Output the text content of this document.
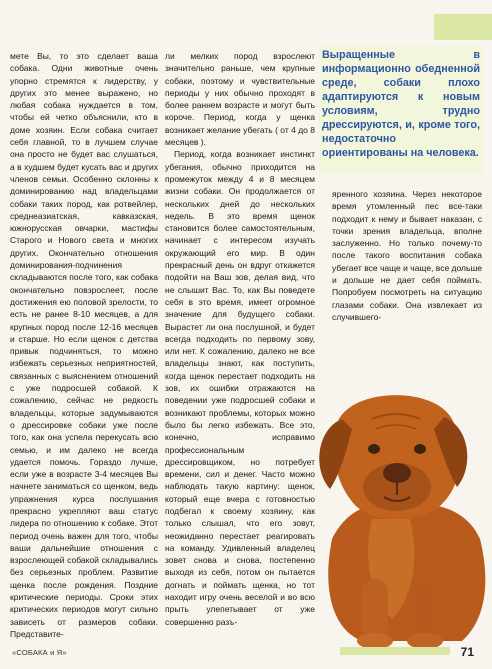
мете Вы, то это сделает ваша собака. Одни животные очень упорно стремятся к лидерству, у других это менее выражено, но любая собака нуждается в том, чтобы ей четко объяснили, кто в доме хозяин. Если собака считает себя главной, то в лучшем случае она просто не будет вас слушаться, а в худшем будет кусать вас и других членов семьи. Особенно склонны к доминированию над владельцами собаки таких пород, как ротвейлер, среднеазиатская, кавказская, южнорусская овчарки, мастифы Старого и Нового света и многих других. Окончательно отношения доминирования-подчинения складываются после того, как собака окончательно повзрослеет, после достижения ею половой зрелости, то есть не ранее 8-10 месяцев, а для крупных пород после 12-16 месяцев и старше. Но если щенок с детства привык подчиняться, то можно избежать серьезных неприятностей, связанных с выяснением отношений с уже подросшей собакой. К сожалению, сейчас не редкость владельцы, которые задумываются о дрессировке собаки уже после того, как она успела перекусать всю семью, и им далеко не всегда удается помочь. Гораздо лучше, если уже в возрасте 3-4 месяцев Вы начнете заниматься со щенком, ведь упражнения курса послушания прекрасно укрепляют ваш статус лидера по отношению к собаке. Этот период очень важен для того, чтобы ваши дальнейшие отношения с взрослеющей собакой складывались без серьезных проблем. Развитие щенка после рождения. Поздние критические периоды. Сроки этих критических периодов могут сильно зависеть от размеров собаки. Представите-

ли мелких пород взрослеют значительно раньше, чем крупные собаки, поэтому и чувствительные периоды у них обычно проходят в более раннем возрасте и могут быть короче. Период, когда у щенка возникает желание убегать ( от 4 до 8 месяцев ).

Период, когда возникает инстинкт убегания, обычно приходится на промежуток между 4 и 8 месяцем жизни собаки. Он продолжается от нескольких дней до нескольких недель. В это время щенок становится более самостоятельным, начинает с интересом изучать окружающий его мир. В один прекрасный день он вдруг откажется подойти на Ваш зов, делая вид, что не слышит Вас. То, как Вы поведете себя в это время, имеет огромное значение для будущего собаки. Вырастет ли она послушной, и будет всегда подходить по первому зову, или нет. К сожалению, далеко не все владельцы знают, как поступить, когда щенок перестает подходить на зов, их ошибки отражаются на поведении уже подросшей собаки и возникают проблемы, которых можно было бы легко избежать. Все это, конечно, исправимо профессиональным дрессировщиком, но потребует времени, сил и денег. Часто можно наблюдать такую картину: щенок, который еще вчера с готовностью подбегал к своему хозяину, как только слышал, что его зовут, неожиданно перестает реагировать на команду. Удивленный владелец зовет снова и снова, постепенно выходя из себя, потом он пытается догнать и поймать щенка, но тот находит игру очень веселой и во всю прыть улепетывает от уже совершенно разъ-

Выращенные в информационно обедненной среде, собаки плохо адаптируются к новым условиям, трудно дрессируются, и, кроме того, недостаточно ориентированы на человека.

яренного хозяина. Через некоторое время утомленный пес все-таки подходит к нему и бывает наказан, с точки зрения владельца, вполне заслуженно. Но только почему-то после такого воспитания собака убегает все чаще и чаще, все дольше и дольше не дает себя поймать. Попробуем посмотреть на ситуацию глазами собаки. Она извлекает из случившего-

«СОБАКА и Я»	71
